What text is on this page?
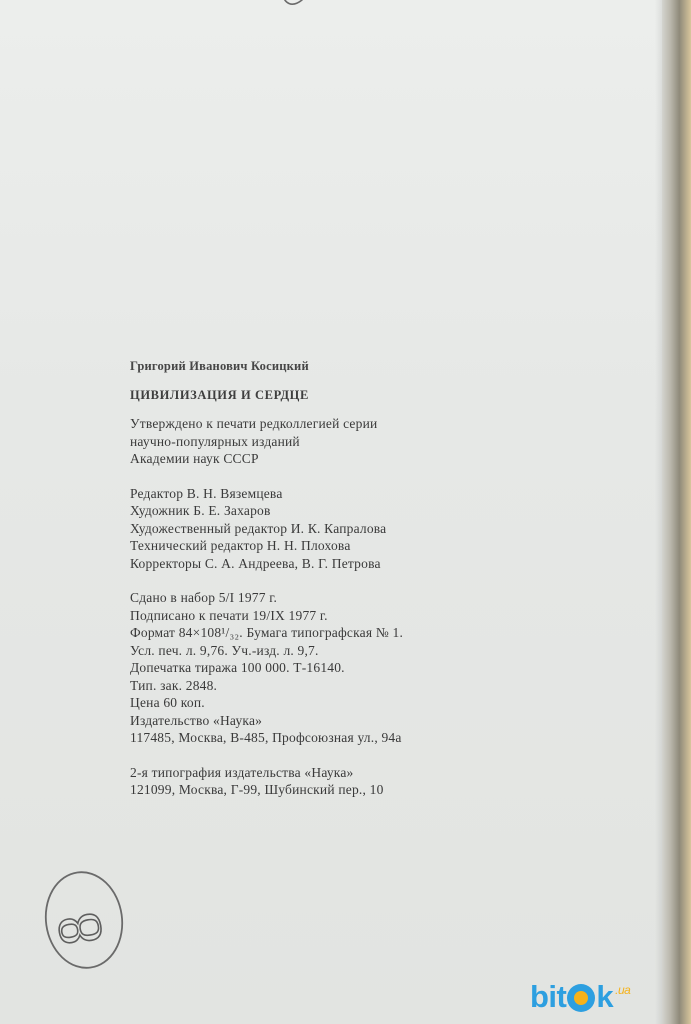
Григорий Иванович Косицкий
ЦИВИЛИЗАЦИЯ И СЕРДЦЕ
Утверждено к печати редколлегией серии
научно-популярных изданий
Академии наук СССР
Редактор В. Н. Вяземцева
Художник Б. Е. Захаров
Художественный редактор И. К. Капралова
Технический редактор Н. Н. Плохова
Корректоры С. А. Андреева, В. Г. Петрова
Сдано в набор 5/I 1977 г.
Подписано к печати 19/IX 1977 г.
Формат 84×108¹/₃₂. Бумага типографская № 1.
Усл. печ. л. 9,76. Уч.-изд. л. 9,7.
Допечатка тиража 100 000. Т-16140.
Тип. зак. 2848.
Цена 60 коп.
Издательство «Наука»
117485, Москва, В-485, Профсоюзная ул., 94а
2-я типография издательства «Наука»
121099, Москва, Г-99, Шубинский пер., 10
8
bit k .ua
